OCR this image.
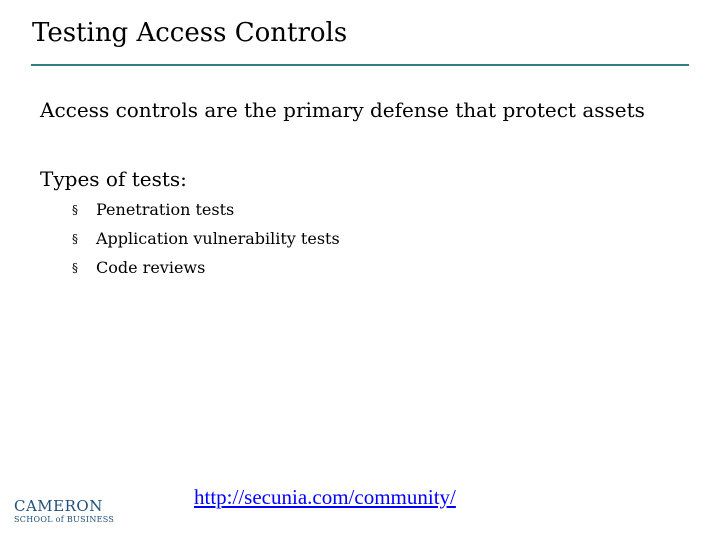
Testing Access Controls
Access controls are the primary defense that protect assets
Types of tests:
§ Penetration tests
§ Application vulnerability tests
§ Code reviews
http://secunia.com/community/
CAMERON
SCHOOL of BUSINESS
